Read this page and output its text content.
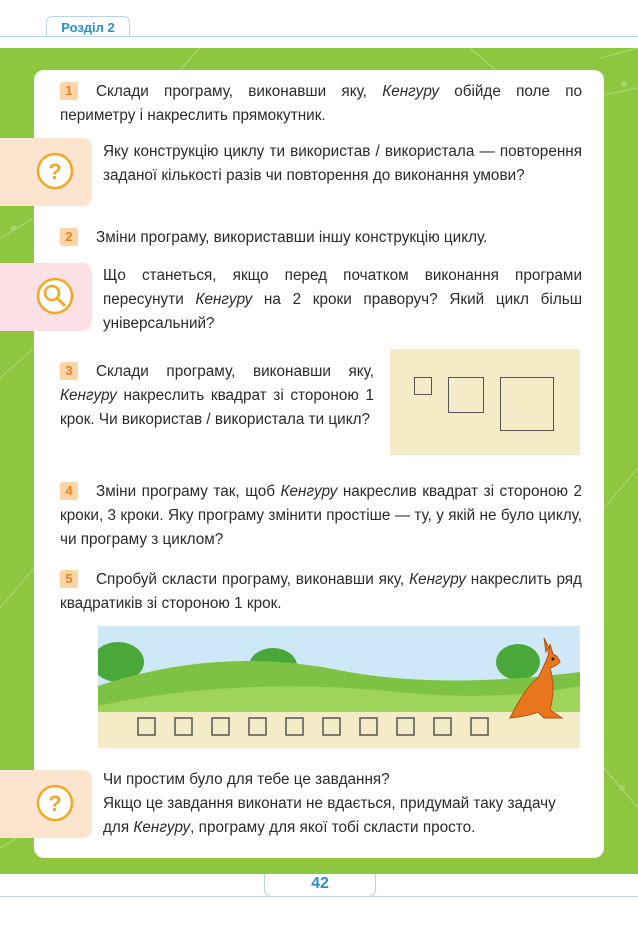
Розділ 2
1 Склади програму, виконавши яку, Кенгуру обійде поле по периметру і накреслить прямокутник.
?
Яку конструкцію циклу ти використав / використала — повторення заданої кількості разів чи повторення до виконання умови?
2 Зміни програму, використавши іншу конструкцію циклу.
Що станеться, якщо перед початком виконання програми пересунути Кенгуру на 2 кроки праворуч? Який цикл більш універсальний?
3 Склади програму, виконавши яку, Кенгуру накреслить квадрат зі стороною 1 крок. Чи використав / використала ти цикл?
4 Зміни програму так, щоб Кенгуру накреслив квадрат зі стороною 2 кроки, 3 кроки. Яку програму змінити простіше — ту, у якій не було циклу, чи програму з циклом?
5 Спробуй скласти програму, виконавши яку, Кенгуру накреслить ряд квадратиків зі стороною 1 крок.
?
Чи простим було для тебе це завдання?
Якщо це завдання виконати не вдається, придумай таку задачу для Кенгуру, програму для якої тобі скласти просто.
42
